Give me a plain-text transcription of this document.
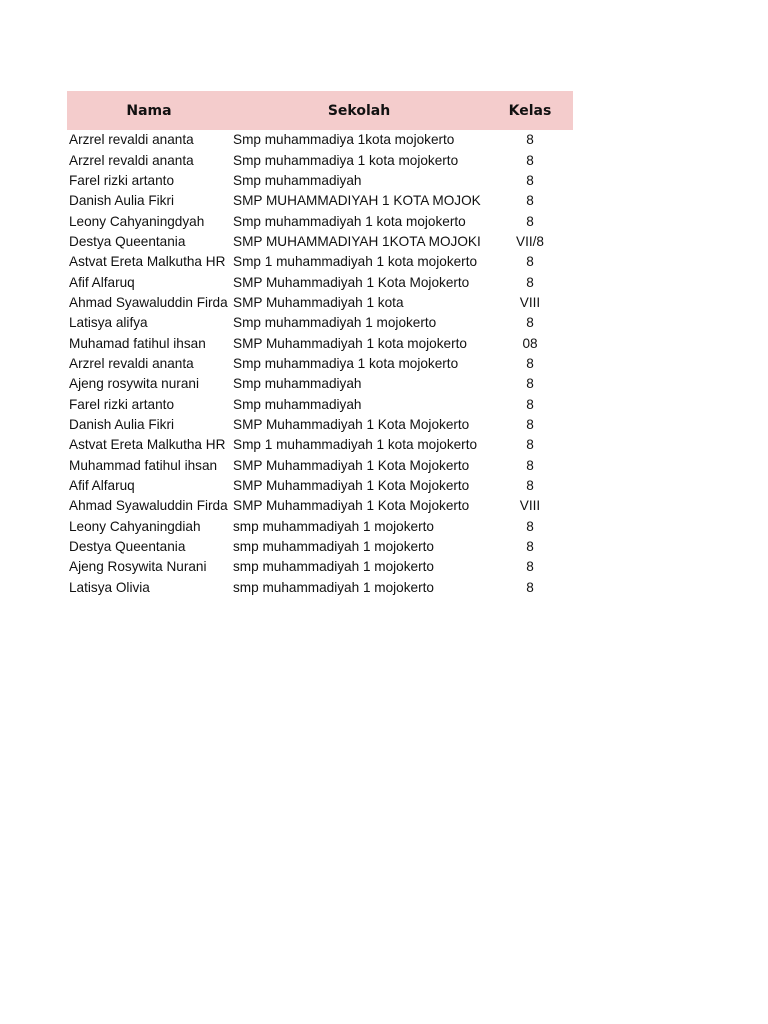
Nama	Sekolah	Kelas
Arzrel revaldi ananta	Smp muhammadiya 1kota mojokerto	8
Arzrel revaldi ananta	Smp muhammadiya 1 kota mojokerto	8
Farel rizki artanto	Smp muhammadiyah	8
Danish Aulia Fikri	SMP MUHAMMADIYAH 1 KOTA MOJOK	8
Leony Cahyaningdyah	Smp muhammadiyah 1 kota mojokerto	8
Destya Queentania	SMP MUHAMMADIYAH 1KOTA MOJOKI	VII/8
Astvat Ereta Malkutha HR	Smp 1 muhammadiyah 1 kota mojokerto	8
Afif Alfaruq	SMP Muhammadiyah 1 Kota Mojokerto	8
Ahmad Syawaluddin Firda	SMP Muhammadiyah 1 kota	VIII
Latisya alifya	Smp muhammadiyah 1 mojokerto	8
Muhamad fatihul ihsan	SMP Muhammadiyah 1 kota mojokerto	08
Arzrel revaldi ananta	Smp muhammadiya 1 kota mojokerto	8
Ajeng rosywita nurani	Smp muhammadiyah	8
Farel rizki artanto	Smp muhammadiyah	8
Danish Aulia Fikri	SMP Muhammadiyah 1 Kota Mojokerto	8
Astvat Ereta Malkutha HR	Smp 1 muhammadiyah 1 kota mojokerto	8
Muhammad fatihul ihsan	SMP Muhammadiyah 1 Kota Mojokerto	8
Afif Alfaruq	SMP Muhammadiyah 1 Kota Mojokerto	8
Ahmad Syawaluddin Firda	SMP Muhammadiyah 1 Kota Mojokerto	VIII
Leony Cahyaningdiah	smp muhammadiyah 1 mojokerto	8
Destya Queentania	smp muhammadiyah 1 mojokerto	8
Ajeng Rosywita Nurani	smp muhammadiyah 1 mojokerto	8
Latisya Olivia	smp muhammadiyah 1 mojokerto	8
